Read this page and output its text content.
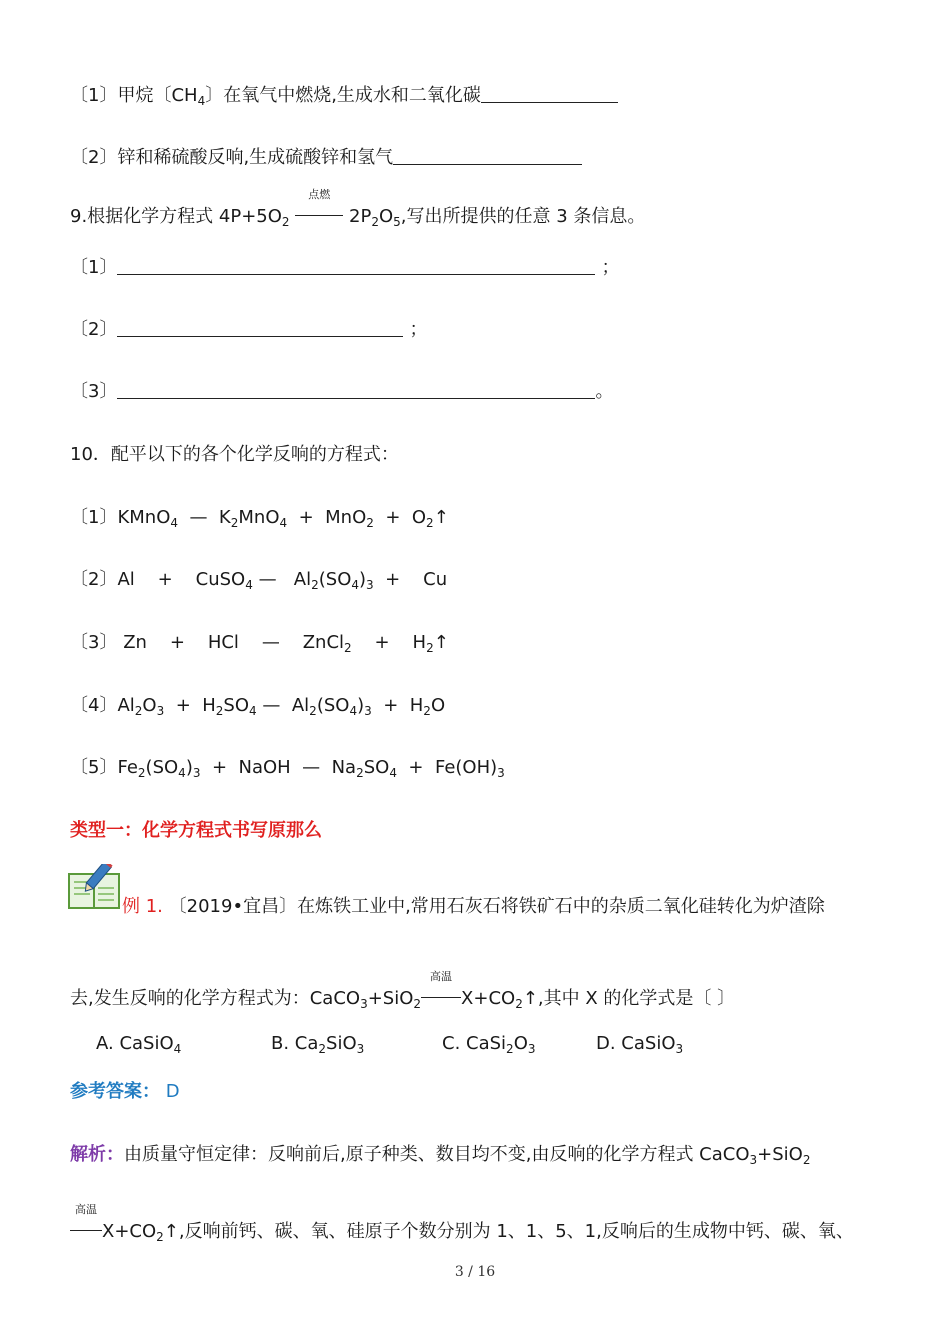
〔1〕甲烷〔$CH_4$〕在氧气中燃烧,生成水和二氧化碳
〔2〕锌和稀硫酸反响,生成硫酸锌和氢气
9.根据化学方程式 $4P+5O_2$
点燃
$2P_2O_5$,写出所提供的任意 3 条信息。
〔1〕	；
〔2〕	；
〔3〕	。
10．配平以下的各个化学反响的方程式：
〔1〕KMnO$_4$ — $K_2MnO_4 + MnO_2$ + $O_2↑$
〔2〕Al + CuSO$_4$ — $Al_2(SO_4)_3 + Cu$
〔3〕 Zn + HCl — ZnCl$_2$ + $H_2↑$
〔4〕$Al_2O_3 + H_2SO_4$ — $Al_2(SO_4)_3 + H_2O$
〔5〕$Fe_2(SO_4)_3$ + NaOH — $Na_2SO_4 + Fe(OH)_3$
类型一：化学方程式书写原那么
例 1. 〔2019•宜昌〕在炼铁工业中,常用石灰石将铁矿石中的杂质二氧化硅转化为炉渣除
去,发生反响的化学方程式为：CaCO$_3$+SiO$_2$
高温
$X+CO_2↑$,其中 X 的化学式是〔 〕
A. CaSiO$_4$	B. $Ca_2SiO_3$	C. $CaSi_2O_3$	D. CaSiO$_3$
参考答案： D
解析：由质量守恒定律：反响前后,原子种类、数目均不变,由反响的化学方程式 CaCO$_3$+SiO$_2$
高温
$X+CO_2↑$,反响前钙、碳、氧、硅原子个数分别为 1、1、5、1,反响后的生成物中钙、碳、氧、
3 / 16
